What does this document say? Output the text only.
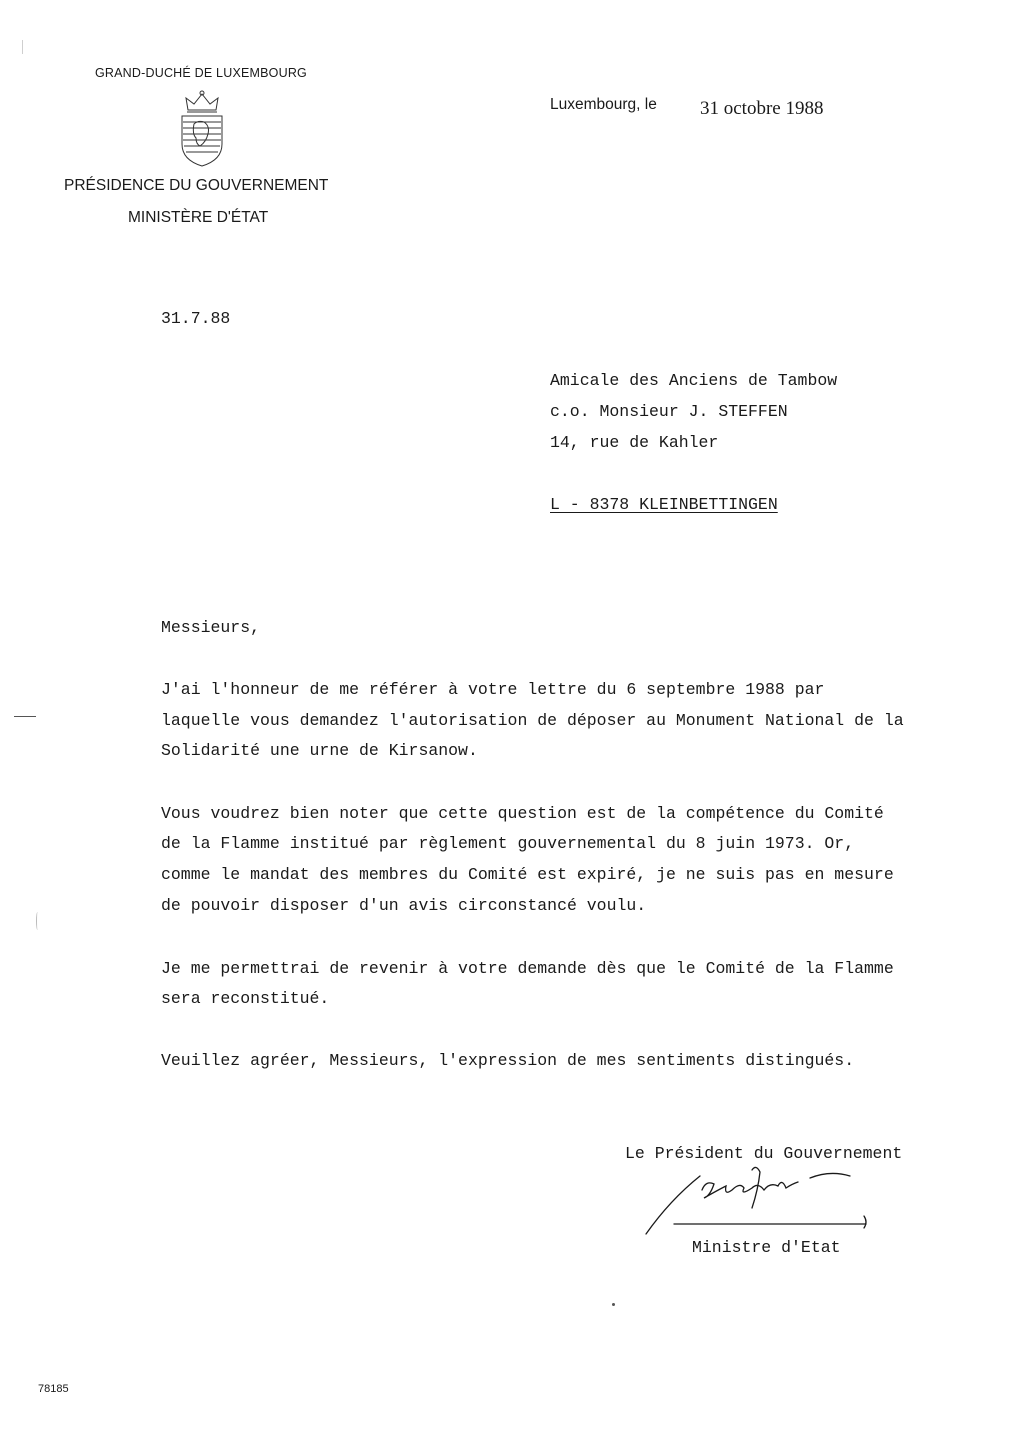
GRAND-DUCHÉ DE LUXEMBOURG
PRÉSIDENCE DU GOUVERNEMENT
MINISTÈRE D'ÉTAT
Luxembourg, le 31 octobre 1988
31.7.88
Amicale des Anciens de Tambow
c.o. Monsieur J. STEFFEN
14, rue de Kahler
L - 8378 KLEINBETTINGEN
Messieurs,
J'ai l'honneur de me référer à votre lettre du 6 septembre 1988 par
laquelle vous demandez l'autorisation de déposer au Monument National de la
Solidarité une urne de Kirsanow.
Vous voudrez bien noter que cette question est de la compétence du Comité
de la Flamme institué par règlement gouvernemental du 8 juin 1973. Or,
comme le mandat des membres du Comité est expiré, je ne suis pas en mesure
de pouvoir disposer d'un avis circonstancé voulu.
Je me permettrai de revenir à votre demande dès que le Comité de la Flamme
sera reconstitué.
Veuillez agréer, Messieurs, l'expression de mes sentiments distingués.
Le Président du Gouvernement
Ministre d'Etat
78185
